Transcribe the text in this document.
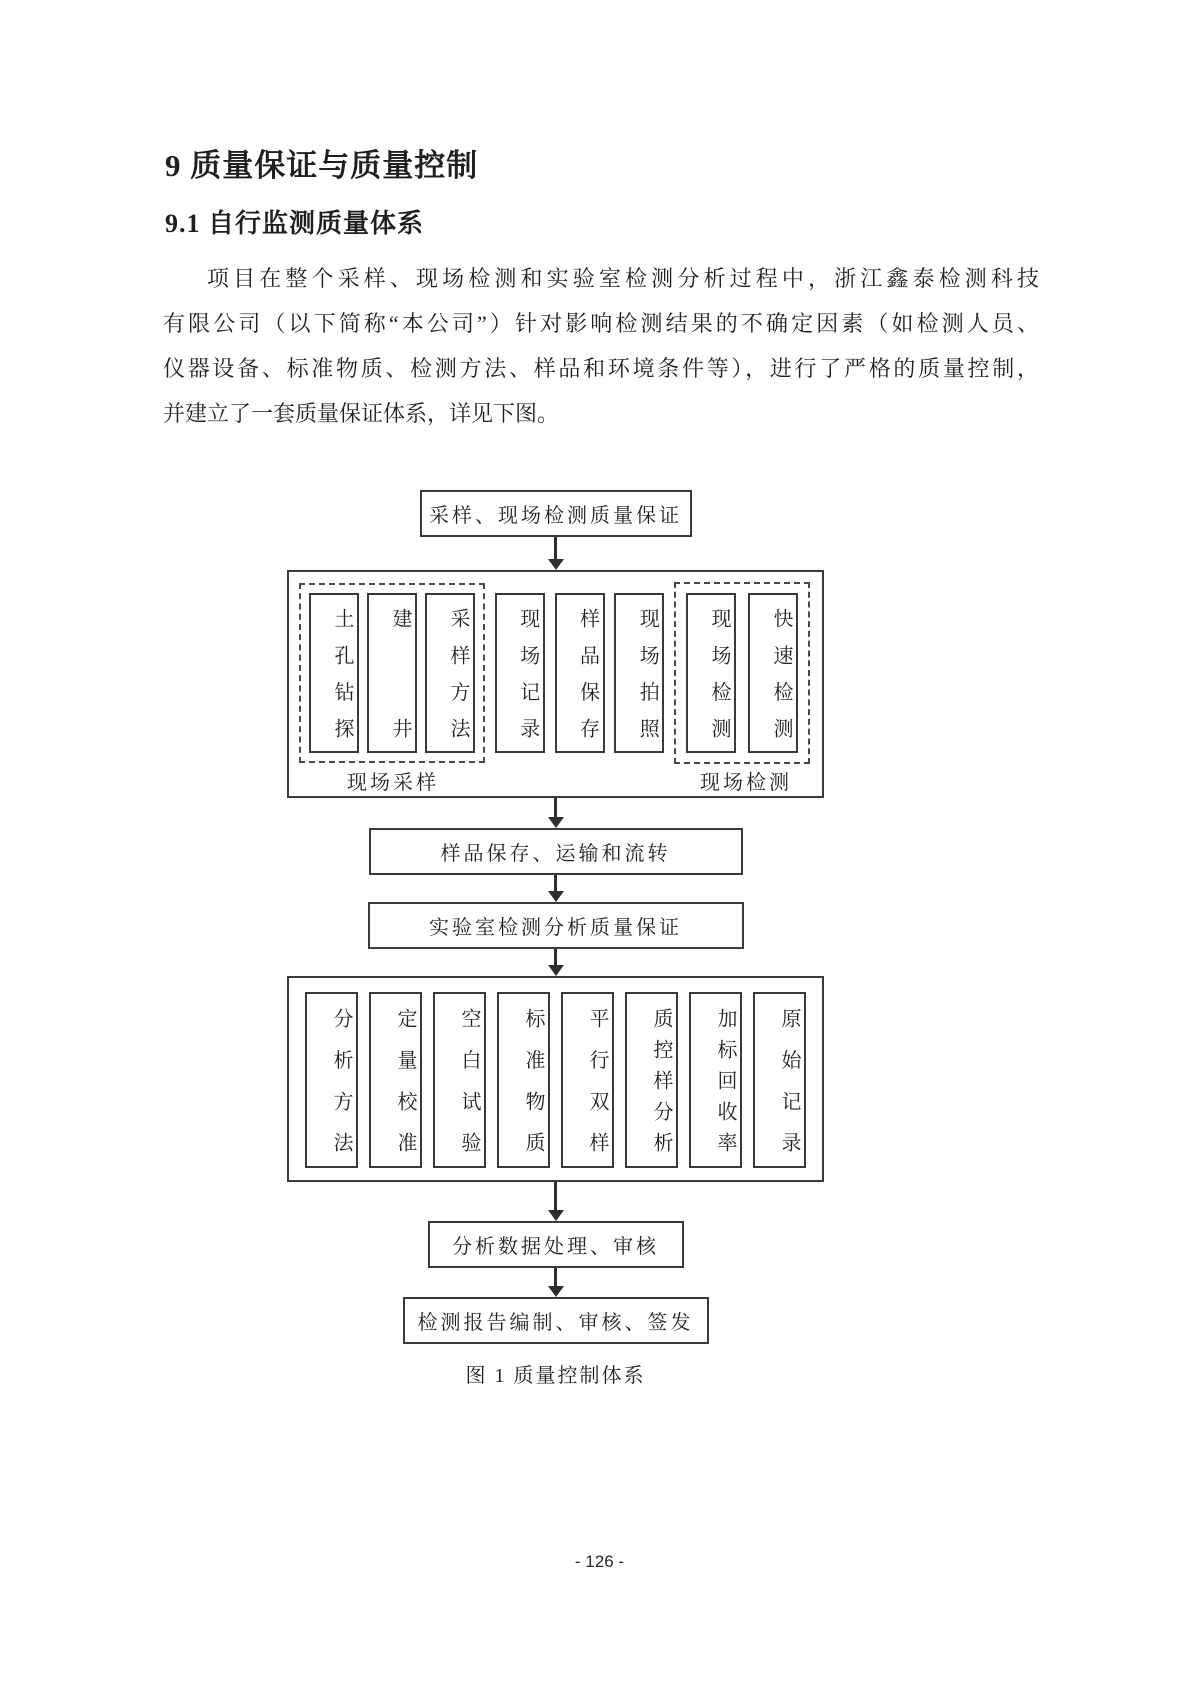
9 质量保证与质量控制
9.1 自行监测质量体系
项目在整个采样、现场检测和实验室检测分析过程中，浙江鑫泰检测科技
有限公司（以下简称“本公司”）针对影响检测结果的不确定因素（如检测人员、
仪器设备、标准物质、检测方法、样品和环境条件等），进行了严格的质量控制，
并建立了一套质量保证体系，详见下图。
采样、现场检测质量保证
土孔钻探	建井	采样方法	现场记录	样品保存	现场拍照	现场检测	快速检测
现场采样	现场检测
样品保存、运输和流转
实验室检测分析质量保证
分析方法	定量校准	空白试验	标准物质	平行双样	质控样分析	加标回收率	原始记录
分析数据处理、审核
检测报告编制、审核、签发
图 1 质量控制体系
- 126 -
